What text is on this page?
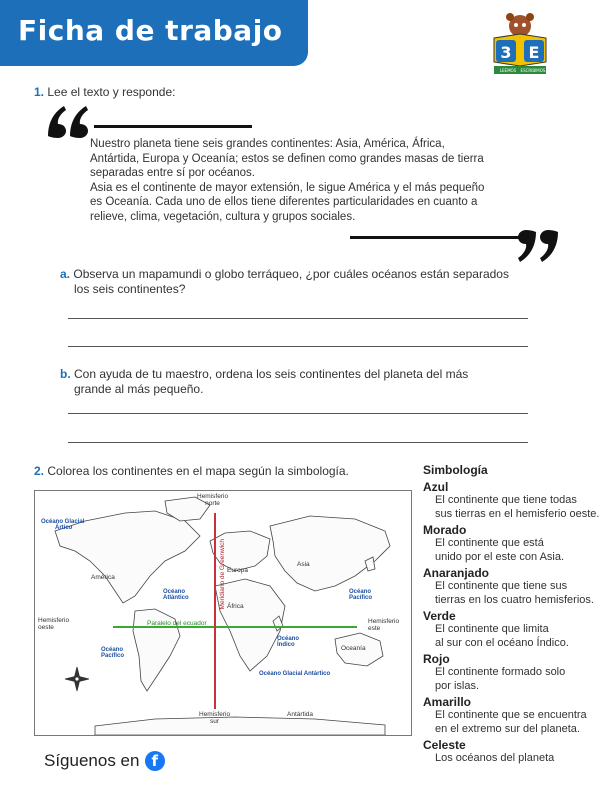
Ficha de trabajo
3 E
LEEMOS ESCRIBIMOS
1. Lee el texto y responde:
Nuestro planeta tiene seis grandes continentes: Asia, América, África,
Antártida, Europa y Oceanía; estos se definen como grandes masas de tierra
separadas entre sí por océanos.
Asia es el continente de mayor extensión, le sigue América y el más pequeño
es Oceanía. Cada uno de ellos tiene diferentes particularidades en cuanto a
relieve, clima, vegetación, cultura y grupos sociales.
a. Observa un mapamundi o globo terráqueo, ¿por cuáles océanos están separados
los seis continentes?
b. Con ayuda de tu maestro, ordena los seis continentes del planeta del más
grande al más pequeño.
2. Colorea los continentes en el mapa según la simbología.
Hemisferio
norte
Hemisferio
sur
Hemisferio
oeste
Hemisferio
este
América
Europa
Asia
África
Oceanía
Antártida
Océano Glacial
Ártico
Océano
Atlántico
Océano
Pacífico
Océano
Pacífico
Océano
Índico
Océano Glacial Antártico
Paralelo del ecuador
Meridiano de Greenwich
Simbología
Azul
El continente que tiene todas
sus tierras en el hemisferio oeste.
Morado
El continente que está
unido por el este con Asia.
Anaranjado
El continente que tiene sus
tierras en los cuatro hemisferios.
Verde
El continente que limita
al sur con el océano Índico.
Rojo
El continente formado solo
por islas.
Amarillo
El continente que se encuentra
en el extremo sur del planeta.
Celeste
Los océanos del planeta
Síguenos en f
